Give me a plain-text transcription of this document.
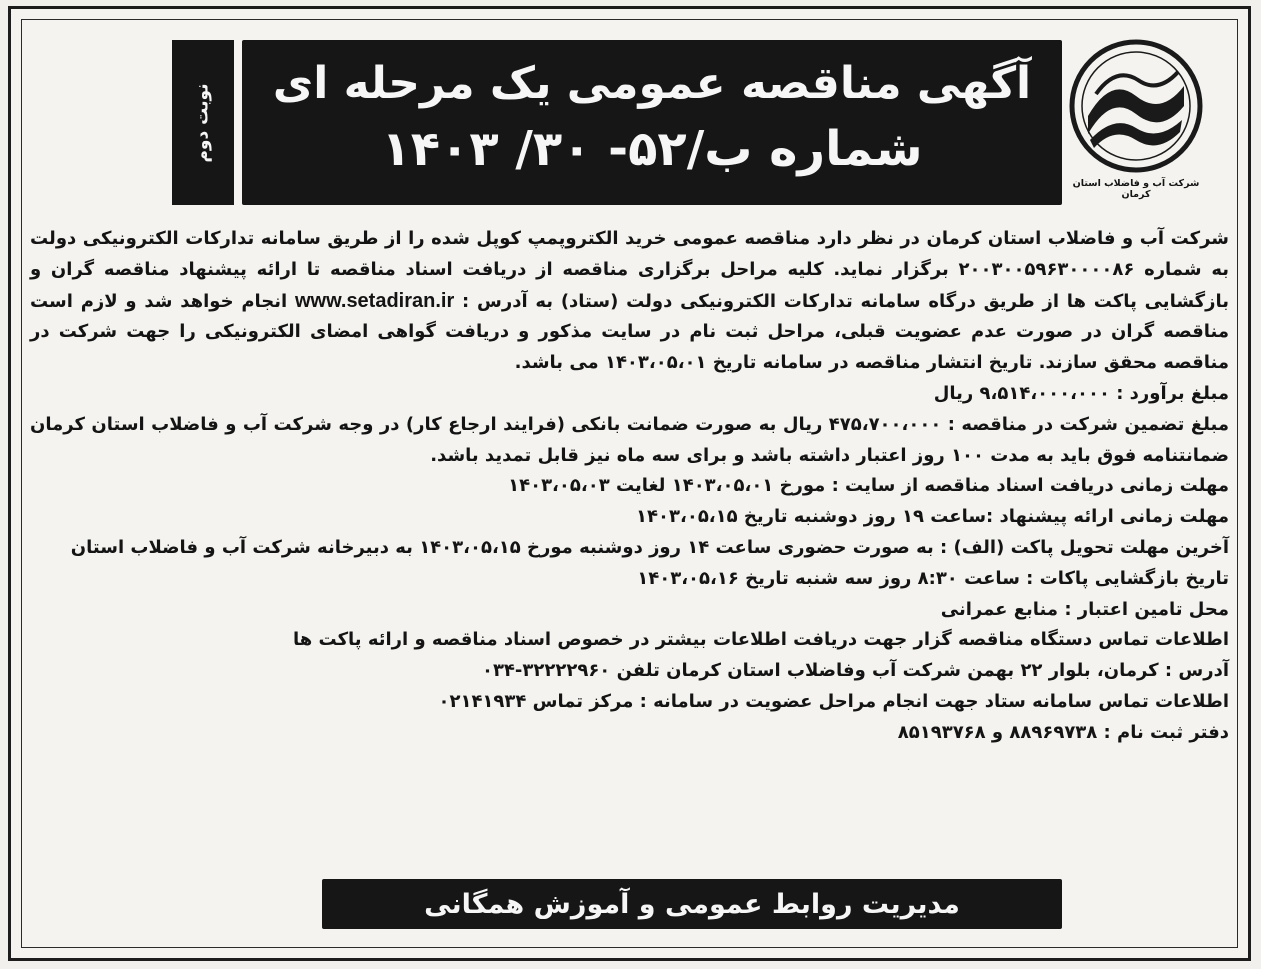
شرکت آب و فاضلاب استان کرمان
آگهی مناقصه عمومی یک مرحله ای
شماره ب/۵۲- ۳۰/ ۱۴۰۳
نوبت دوم

شرکت آب و فاضلاب استان کرمان در نظر دارد مناقصه عمومی خرید الکتروپمپ کوپل شده را از طریق سامانه تدارکات الکترونیکی دولت به شماره ۲۰۰۳۰۰۵۹۶۳۰۰۰۰۸۶ برگزار نماید. کلیه مراحل برگزاری مناقصه از دریافت اسناد مناقصه تا ارائه پیشنهاد مناقصه گران و بازگشایی پاکت ها از طریق درگاه سامانه تدارکات الکترونیکی دولت (ستاد) به آدرس : www.setadiran.ir انجام خواهد شد و لازم است مناقصه گران در صورت عدم عضویت قبلی، مراحل ثبت نام در سایت مذکور و دریافت گواهی امضای الکترونیکی را جهت شرکت در مناقصه محقق سازند. تاریخ انتشار مناقصه در سامانه تاریخ ۱۴۰۳،۰۵،۰۱ می باشد.

مبلغ برآورد : ۹،۵۱۴،۰۰۰،۰۰۰ ریال

مبلغ تضمین شرکت در مناقصه : ۴۷۵،۷۰۰،۰۰۰ ریال به صورت ضمانت بانکی (فرایند ارجاع کار) در وجه شرکت آب و فاضلاب استان کرمان ضمانتنامه فوق باید به مدت ۱۰۰ روز اعتبار داشته باشد و برای سه ماه نیز قابل تمدید باشد.

مهلت زمانی دریافت اسناد مناقصه از سایت : مورخ ۱۴۰۳،۰۵،۰۱ لغایت ۱۴۰۳،۰۵،۰۳

مهلت زمانی ارائه پیشنهاد :ساعت ۱۹ روز دوشنبه تاریخ ۱۴۰۳،۰۵،۱۵

آخرین مهلت تحویل پاکت (الف) : به صورت حضوری ساعت ۱۴ روز دوشنبه مورخ ۱۴۰۳،۰۵،۱۵ به دبیرخانه شرکت آب و فاضلاب استان

تاریخ بازگشایی پاکات : ساعت ۸:۳۰ روز سه شنبه تاریخ ۱۴۰۳،۰۵،۱۶

محل تامین اعتبار : منابع عمرانی

اطلاعات تماس دستگاه مناقصه گزار جهت دریافت اطلاعات بیشتر در خصوص اسناد مناقصه و ارائه پاکت ها

آدرس : کرمان، بلوار ۲۲ بهمن شرکت آب وفاضلاب استان کرمان تلفن ۳۲۲۲۲۹۶۰-۰۳۴

اطلاعات تماس سامانه ستاد جهت انجام مراحل عضویت در سامانه : مرکز تماس ۰۲۱۴۱۹۳۴

دفتر ثبت نام : ۸۸۹۶۹۷۳۸ و ۸۵۱۹۳۷۶۸

مدیریت روابط عمومی و آموزش همگانی
